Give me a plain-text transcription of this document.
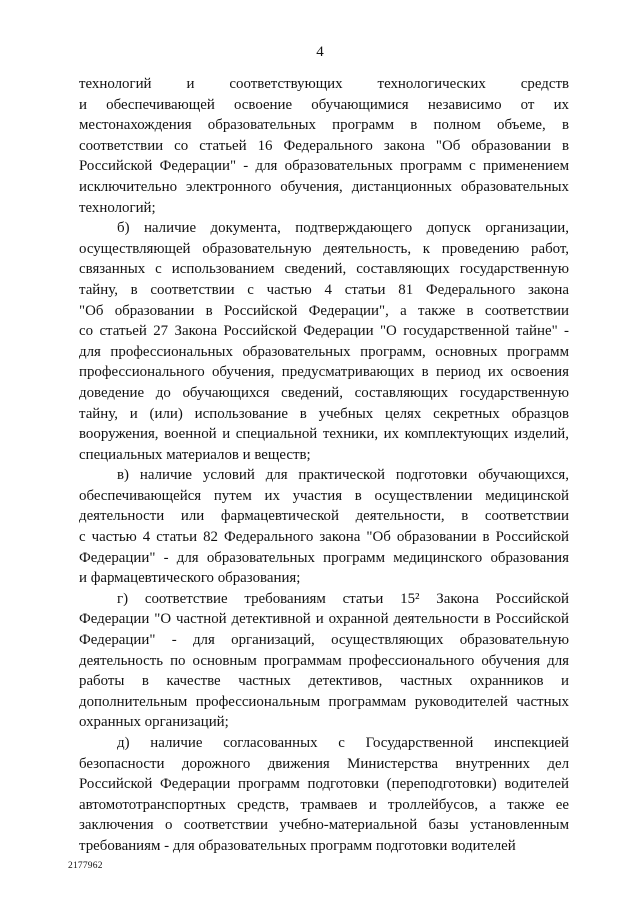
4
технологий и соответствующих технологических средств
и обеспечивающей освоение обучающимися независимо от их
местонахождения образовательных программ в полном объеме, в
соответствии со статьей 16 Федерального закона "Об образовании в
Российской Федерации" - для образовательных программ с применением
исключительно электронного обучения, дистанционных образовательных
технологий;
б) наличие документа, подтверждающего допуск организации,
осуществляющей образовательную деятельность, к проведению работ,
связанных с использованием сведений, составляющих государственную
тайну, в соответствии с частью 4 статьи 81 Федерального закона
"Об образовании в Российской Федерации", а также в соответствии
со статьей 27 Закона Российской Федерации "О государственной тайне" -
для профессиональных образовательных программ, основных программ
профессионального обучения, предусматривающих в период их освоения
доведение до обучающихся сведений, составляющих государственную
тайну, и (или) использование в учебных целях секретных образцов
вооружения, военной и специальной техники, их комплектующих изделий,
специальных материалов и веществ;
в) наличие условий для практической подготовки обучающихся,
обеспечивающейся путем их участия в осуществлении медицинской
деятельности или фармацевтической деятельности, в соответствии
с частью 4 статьи 82 Федерального закона "Об образовании в Российской
Федерации" - для образовательных программ медицинского образования
и фармацевтического образования;
г) соответствие требованиям статьи 15² Закона Российской
Федерации "О частной детективной и охранной деятельности в Российской
Федерации" - для организаций, осуществляющих образовательную
деятельность по основным программам профессионального обучения для
работы в качестве частных детективов, частных охранников и
дополнительным профессиональным программам руководителей частных
охранных организаций;
д) наличие согласованных с Государственной инспекцией
безопасности дорожного движения Министерства внутренних дел
Российской Федерации программ подготовки (переподготовки) водителей
автомототранспортных средств, трамваев и троллейбусов, а также ее
заключения о соответствии учебно-материальной базы установленным
требованиям - для образовательных программ подготовки водителей
2177962
